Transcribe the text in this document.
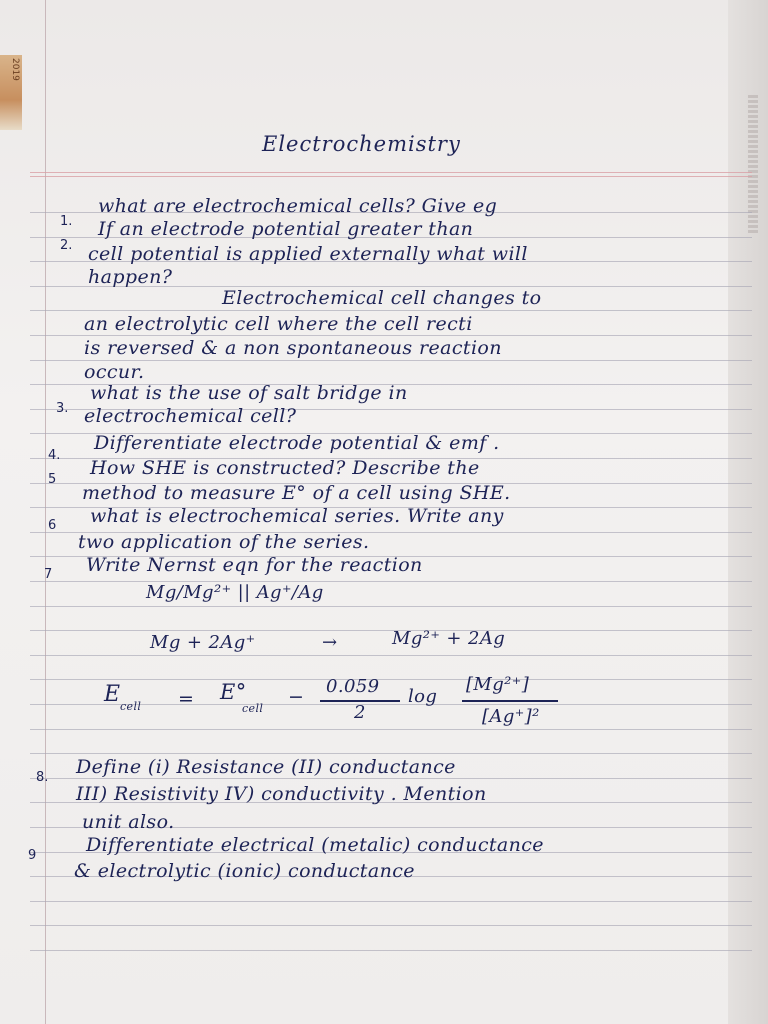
2019
Electrochemistry
1.
what are electrochemical cells? Give eg
2.
If an electrode potential greater than
cell potential is applied externally what will
happen?
Electrochemical cell changes to
an electrolytic cell where the cell recti
is reversed & a non spontaneous reaction
occur.
3.
what is the use of salt bridge in
electrochemical cell?
4.
Differentiate electrode potential & emf .
5
How SHE is constructed? Describe the
method to measure E° of a cell using SHE.
6 what is electrochemical series. Write any
two application of the series.
7 Write Nernst eqn for the reaction
Mg/Mg²⁺ || Ag⁺/Ag
Mg + 2Ag⁺	→	Mg²⁺ + 2Ag
E cell = E°
cell
− 0.059
2
log
[Mg²⁺]
[Ag⁺]²
8. Define (i) Resistance (II) conductance
III) Resistivity IV) conductivity . Mention
unit also.
9	Differentiate electrical (metalic) conductance
& electrolytic (ionic) conductance
